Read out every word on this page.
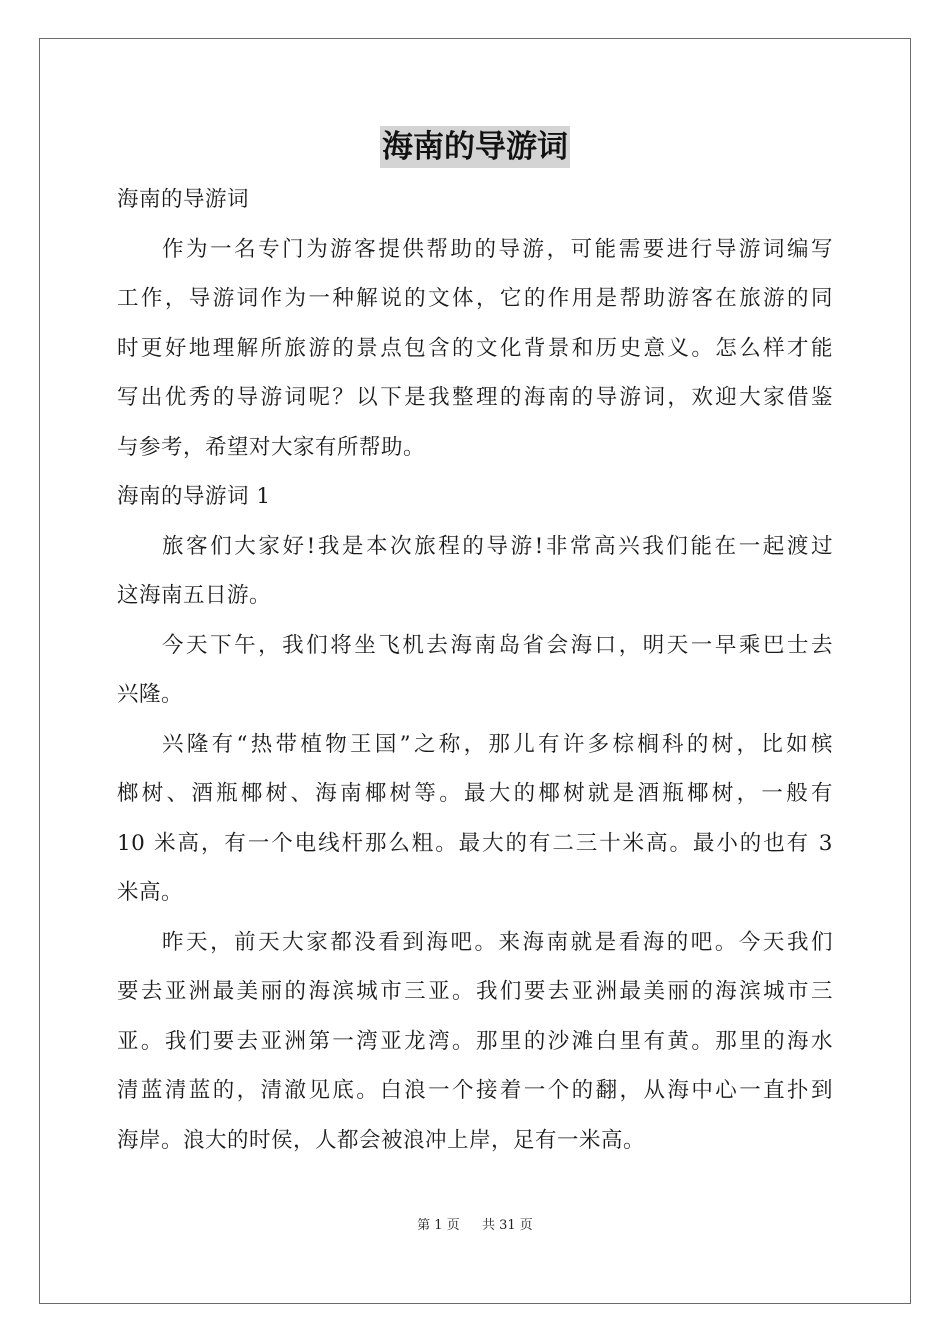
海南的导游词
海南的导游词
作为一名专门为游客提供帮助的导游，可能需要进行导游词编写
工作，导游词作为一种解说的文体，它的作用是帮助游客在旅游的同
时更好地理解所旅游的景点包含的文化背景和历史意义。怎么样才能
写出优秀的导游词呢？以下是我整理的海南的导游词，欢迎大家借鉴
与参考，希望对大家有所帮助。
海南的导游词 1
旅客们大家好!我是本次旅程的导游!非常高兴我们能在一起渡过
这海南五日游。
今天下午，我们将坐飞机去海南岛省会海口，明天一早乘巴士去
兴隆。
兴隆有“热带植物王国”之称，那儿有许多棕榈科的树，比如槟
榔树、酒瓶椰树、海南椰树等。最大的椰树就是酒瓶椰树，一般有
10 米高，有一个电线杆那么粗。最大的有二三十米高。最小的也有 3
米高。
昨天，前天大家都没看到海吧。来海南就是看海的吧。今天我们
要去亚洲最美丽的海滨城市三亚。我们要去亚洲最美丽的海滨城市三
亚。我们要去亚洲第一湾亚龙湾。那里的沙滩白里有黄。那里的海水
清蓝清蓝的，清澈见底。白浪一个接着一个的翻，从海中心一直扑到
海岸。浪大的时侯，人都会被浪冲上岸，足有一米高。
第 1 页 共 31 页
